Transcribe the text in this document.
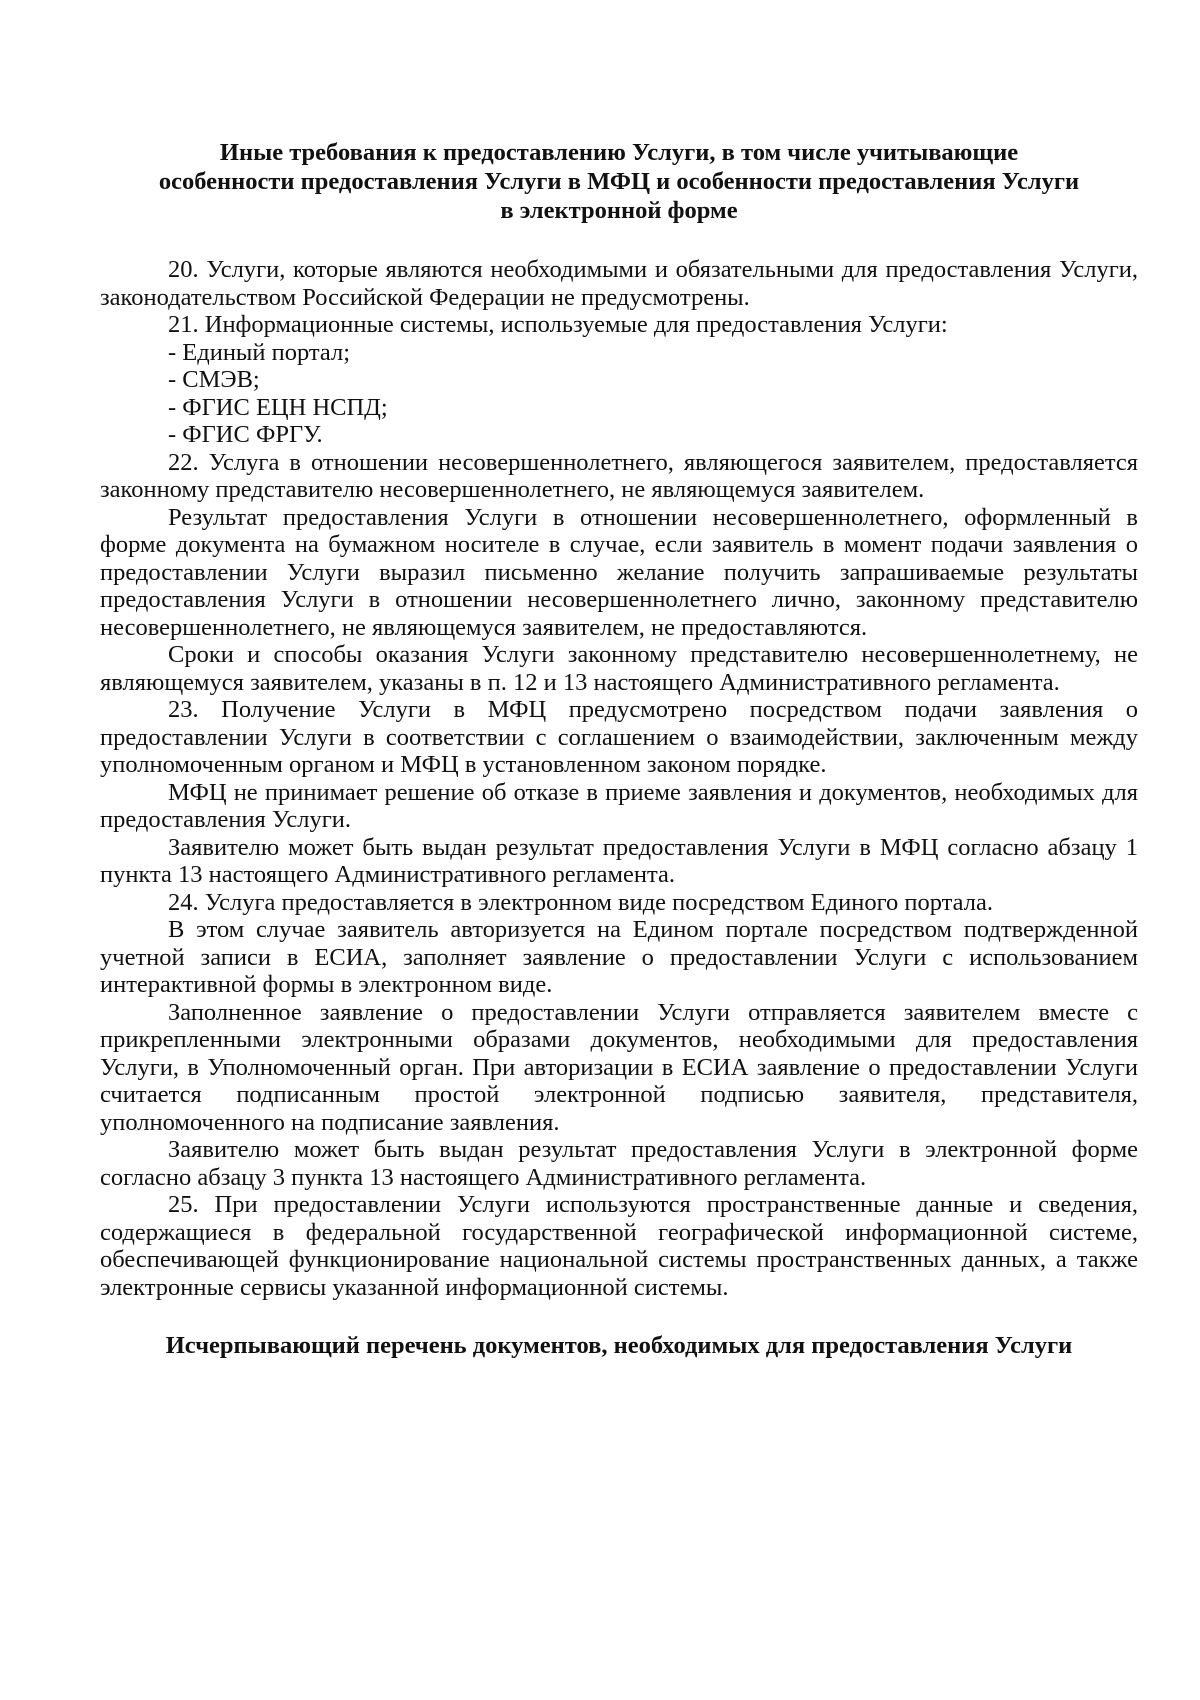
Иные требования к предоставлению Услуги, в том числе учитывающие
особенности предоставления Услуги в МФЦ и особенности предоставления Услуги
в электронной форме

20. Услуги, которые являются необходимыми и обязательными для предоставления Услуги, законодательством Российской Федерации не предусмотрены.

21. Информационные системы, используемые для предоставления Услуги:

- Единый портал;

- СМЭВ;

- ФГИС ЕЦН НСПД;

- ФГИС ФРГУ.

22. Услуга в отношении несовершеннолетнего, являющегося заявителем, предоставляется законному представителю несовершеннолетнего, не являющемуся заявителем.

Результат предоставления Услуги в отношении несовершеннолетнего, оформленный в форме документа на бумажном носителе в случае, если заявитель в момент подачи заявления о предоставлении Услуги выразил письменно желание получить запрашиваемые результаты предоставления Услуги в отношении несовершеннолетнего лично, законному представителю несовершеннолетнего, не являющемуся заявителем, не предоставляются.

Сроки и способы оказания Услуги законному представителю несовершеннолетнему, не являющемуся заявителем, указаны в п. 12 и 13 настоящего Административного регламента.

23. Получение Услуги в МФЦ предусмотрено посредством подачи заявления о предоставлении Услуги в соответствии с соглашением о взаимодействии, заключенным между уполномоченным органом и МФЦ в установленном законом порядке.

МФЦ не принимает решение об отказе в приеме заявления и документов, необходимых для предоставления Услуги.

Заявителю может быть выдан результат предоставления Услуги в МФЦ согласно абзацу 1 пункта 13 настоящего Административного регламента.

24. Услуга предоставляется в электронном виде посредством Единого портала.

В этом случае заявитель авторизуется на Едином портале посредством подтвержденной учетной записи в ЕСИА, заполняет заявление о предоставлении Услуги с использованием интерактивной формы в электронном виде.

Заполненное заявление о предоставлении Услуги отправляется заявителем вместе с прикрепленными электронными образами документов, необходимыми для предоставления Услуги, в Уполномоченный орган. При авторизации в ЕСИА заявление о предоставлении Услуги считается подписанным простой электронной подписью заявителя, представителя, уполномоченного на подписание заявления.

Заявителю может быть выдан результат предоставления Услуги в электронной форме согласно абзацу 3 пункта 13 настоящего Административного регламента.

25. При предоставлении Услуги используются пространственные данные и сведения, содержащиеся в федеральной государственной географической информационной системе, обеспечивающей функционирование национальной системы пространственных данных, а также электронные сервисы указанной информационной системы.

Исчерпывающий перечень документов, необходимых для предоставления Услуги
